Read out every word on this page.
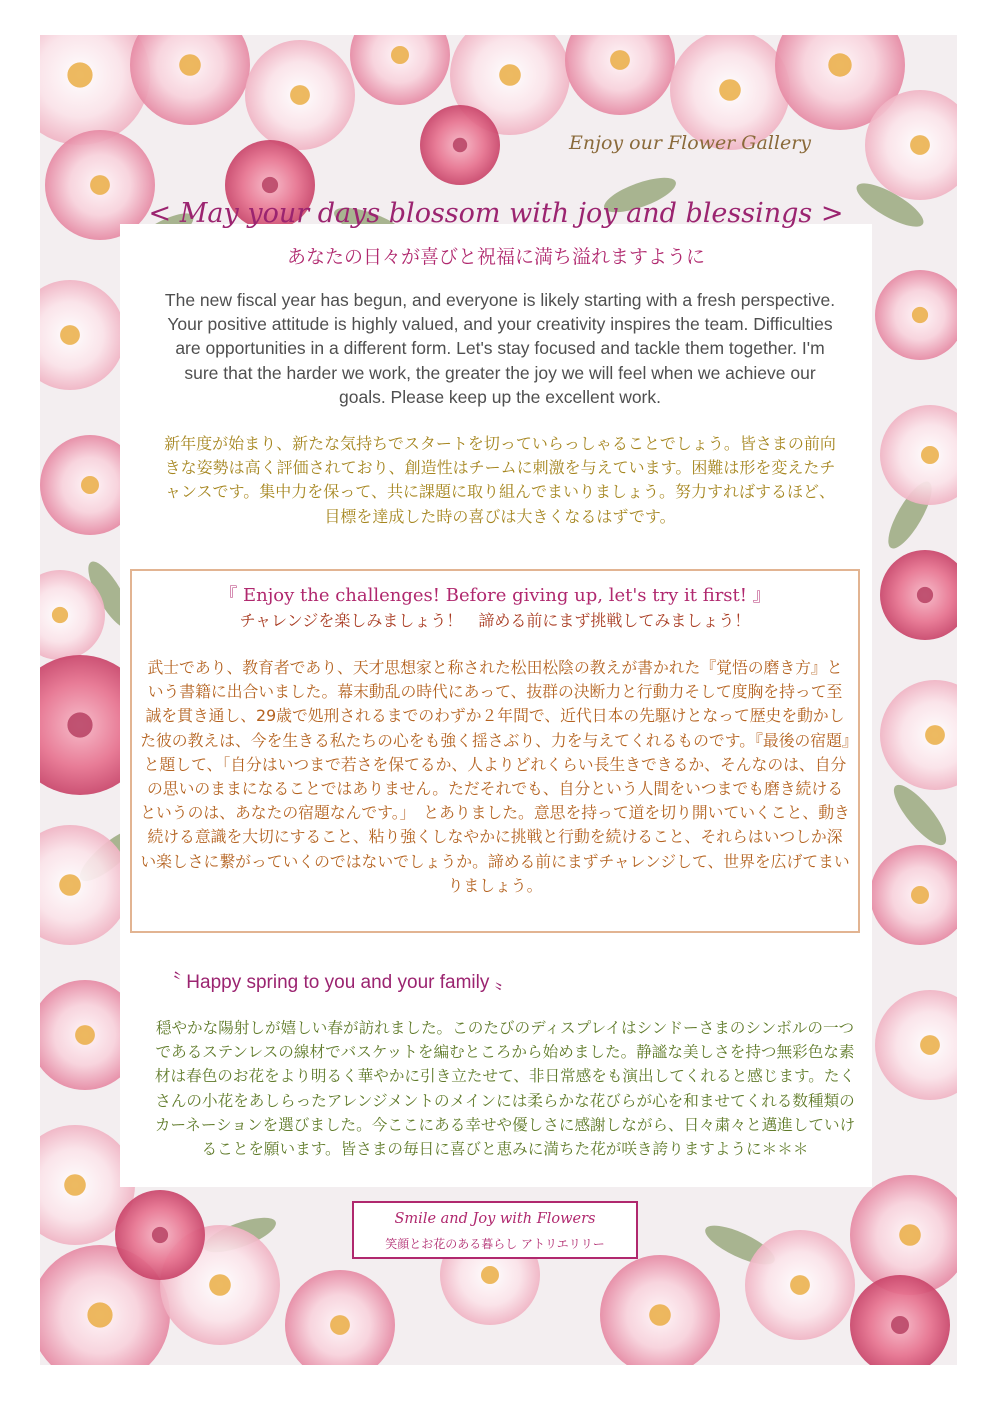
Enjoy our Flower Gallery
< May your days blossom with joy and blessings >
あなたの日々が喜びと祝福に満ち溢れますように
The new fiscal year has begun, and everyone is likely starting with a fresh perspective. Your positive attitude is highly valued, and your creativity inspires the team. Difficulties are opportunities in a different form. Let's stay focused and tackle them together. I'm sure that the harder we work, the greater the joy we will feel when we achieve our goals. Please keep up the excellent work.
新年度が始まり、新たな気持ちでスタートを切っていらっしゃることでしょう。皆さまの前向きな姿勢は高く評価されており、創造性はチームに刺激を与えています。困難は形を変えたチャンスです。集中力を保って、共に課題に取り組んでまいりましょう。努力すればするほど、目標を達成した時の喜びは大きくなるはずです。
『 Enjoy the challenges! Before giving up, let's try it first! 』
チャレンジを楽しみましょう！　諦める前にまず挑戦してみましょう！
武士であり、教育者であり、天才思想家と称された松田松陰の教えが書かれた『覚悟の磨き方』という書籍に出合いました。幕末動乱の時代にあって、抜群の決断力と行動力そして度胸を持って至誠を貫き通し、29歳で処刑されるまでのわずか２年間で、近代日本の先駆けとなって歴史を動かした彼の教えは、今を生きる私たちの心をも強く揺さぶり、力を与えてくれるものです。『最後の宿題』と題して、「自分はいつまで若さを保てるか、人よりどれくらい長生きできるか、そんなのは、自分の思いのままになることではありません。ただそれでも、自分という人間をいつまでも磨き続けるというのは、あなたの宿題なんです。」　とありました。意思を持って道を切り開いていくこと、動き続ける意識を大切にすること、粘り強くしなやかに挑戦と行動を続けること、それらはいつしか深い楽しさに繋がっていくのではないでしょうか。諦める前にまずチャレンジして、世界を広げてまいりましょう。
〝 Happy spring to you and your family 〟
穏やかな陽射しが嬉しい春が訪れました。このたびのディスプレイはシンドーさまのシンボルの一つであるステンレスの線材でバスケットを編むところから始めました。静謐な美しさを持つ無彩色な素材は春色のお花をより明るく華やかに引き立たせて、非日常感をも演出してくれると感じます。たくさんの小花をあしらったアレンジメントのメインには柔らかな花びらが心を和ませてくれる数種類のカーネーションを選びました。今ここにある幸せや優しさに感謝しながら、日々粛々と邁進していけることを願います。皆さまの毎日に喜びと恵みに満ちた花が咲き誇りますように＊＊＊
Smile and Joy with Flowers
笑顔とお花のある暮らし アトリエリリー
